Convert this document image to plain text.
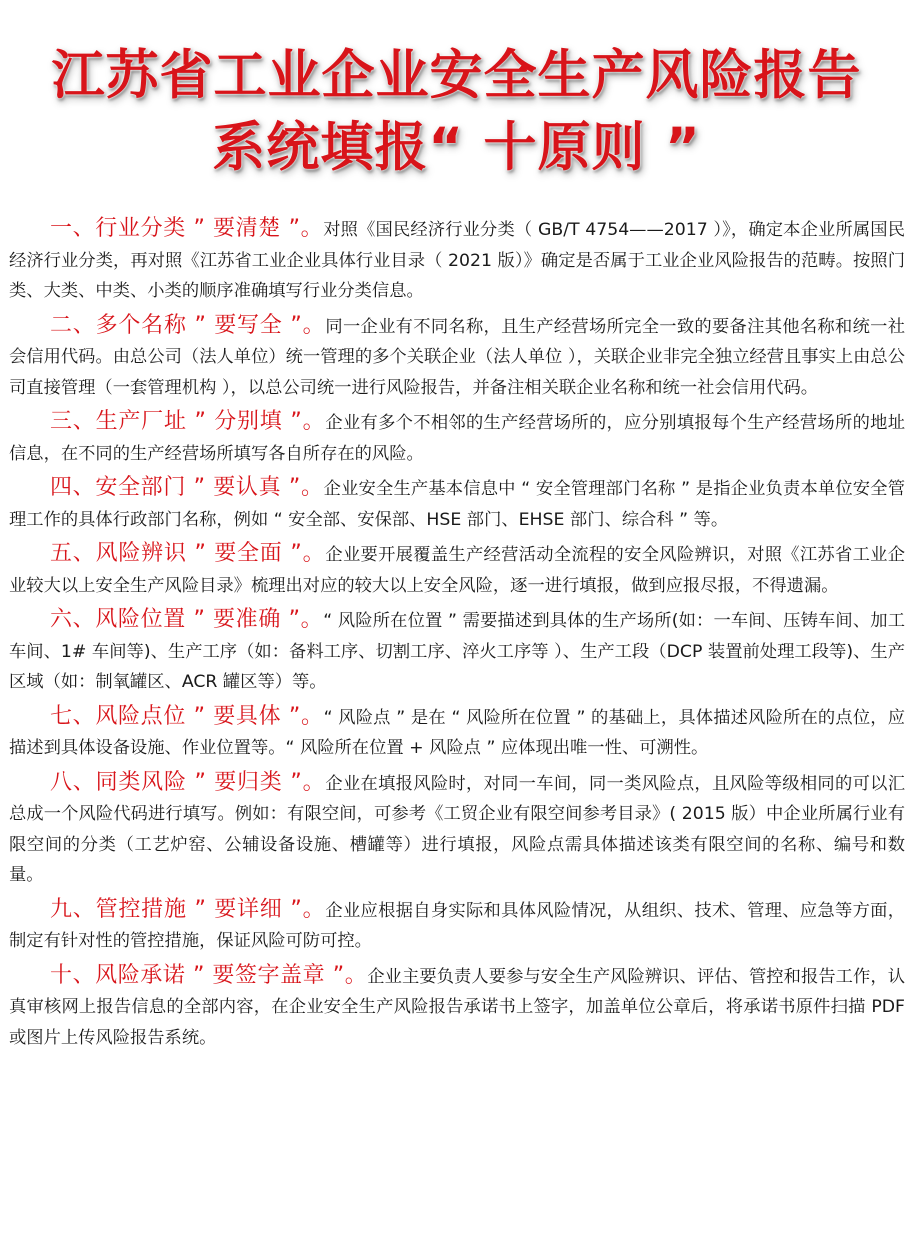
江苏省工业企业安全生产风险报告
系统填报“ 十原则 ”

一、行业分类 ” 要清楚 ”。对照《国民经济行业分类（ GB/T 4754——2017 ）》，确定本企业所属国民经济行业分类，再对照《江苏省工业企业具体行业目录（ 2021 版）》确定是否属于工业企业风险报告的范畴。按照门类、大类、中类、小类的顺序准确填写行业分类信息。

二、多个名称 ” 要写全 ”。同一企业有不同名称，且生产经营场所完全一致的要备注其他名称和统一社会信用代码。由总公司（法人单位）统一管理的多个关联企业（法人单位 ），关联企业非完全独立经营且事实上由总公司直接管理（一套管理机构 ），以总公司统一进行风险报告，并备注相关联企业名称和统一社会信用代码。

三、生产厂址 ” 分别填 ”。企业有多个不相邻的生产经营场所的，应分别填报每个生产经营场所的地址信息，在不同的生产经营场所填写各自所存在的风险。

四、安全部门 ” 要认真 ”。企业安全生产基本信息中 “ 安全管理部门名称 ” 是指企业负责本单位安全管理工作的具体行政部门名称，例如 “ 安全部、安保部、HSE 部门、EHSE 部门、综合科 ” 等。

五、风险辨识 ” 要全面 ”。企业要开展覆盖生产经营活动全流程的安全风险辨识，对照《江苏省工业企业较大以上安全生产风险目录》梳理出对应的较大以上安全风险，逐一进行填报，做到应报尽报，不得遗漏。

六、风险位置 ” 要准确 ”。“ 风险所在位置 ” 需要描述到具体的生产场所(如：一车间、压铸车间、加工车间、1# 车间等)、生产工序（如：备料工序、切割工序、淬火工序等 ）、生产工段（DCP 装置前处理工段等)、生产区域（如：制氧罐区、ACR 罐区等）等。

七、风险点位 ” 要具体 ”。“ 风险点 ” 是在 “ 风险所在位置 ” 的基础上，具体描述风险所在的点位，应描述到具体设备设施、作业位置等。“ 风险所在位置 + 风险点 ” 应体现出唯一性、可溯性。

八、同类风险 ” 要归类 ”。企业在填报风险时，对同一车间，同一类风险点，且风险等级相同的可以汇总成一个风险代码进行填写。例如：有限空间，可参考《工贸企业有限空间参考目录》( 2015 版）中企业所属行业有限空间的分类（工艺炉窑、公辅设备设施、槽罐等）进行填报，风险点需具体描述该类有限空间的名称、编号和数量。

九、管控措施 ” 要详细 ”。企业应根据自身实际和具体风险情况，从组织、技术、管理、应急等方面，制定有针对性的管控措施，保证风险可防可控。

十、风险承诺 ” 要签字盖章 ”。企业主要负责人要参与安全生产风险辨识、评估、管控和报告工作，认真审核网上报告信息的全部内容，在企业安全生产风险报告承诺书上签字，加盖单位公章后，将承诺书原件扫描 PDF 或图片上传风险报告系统。
